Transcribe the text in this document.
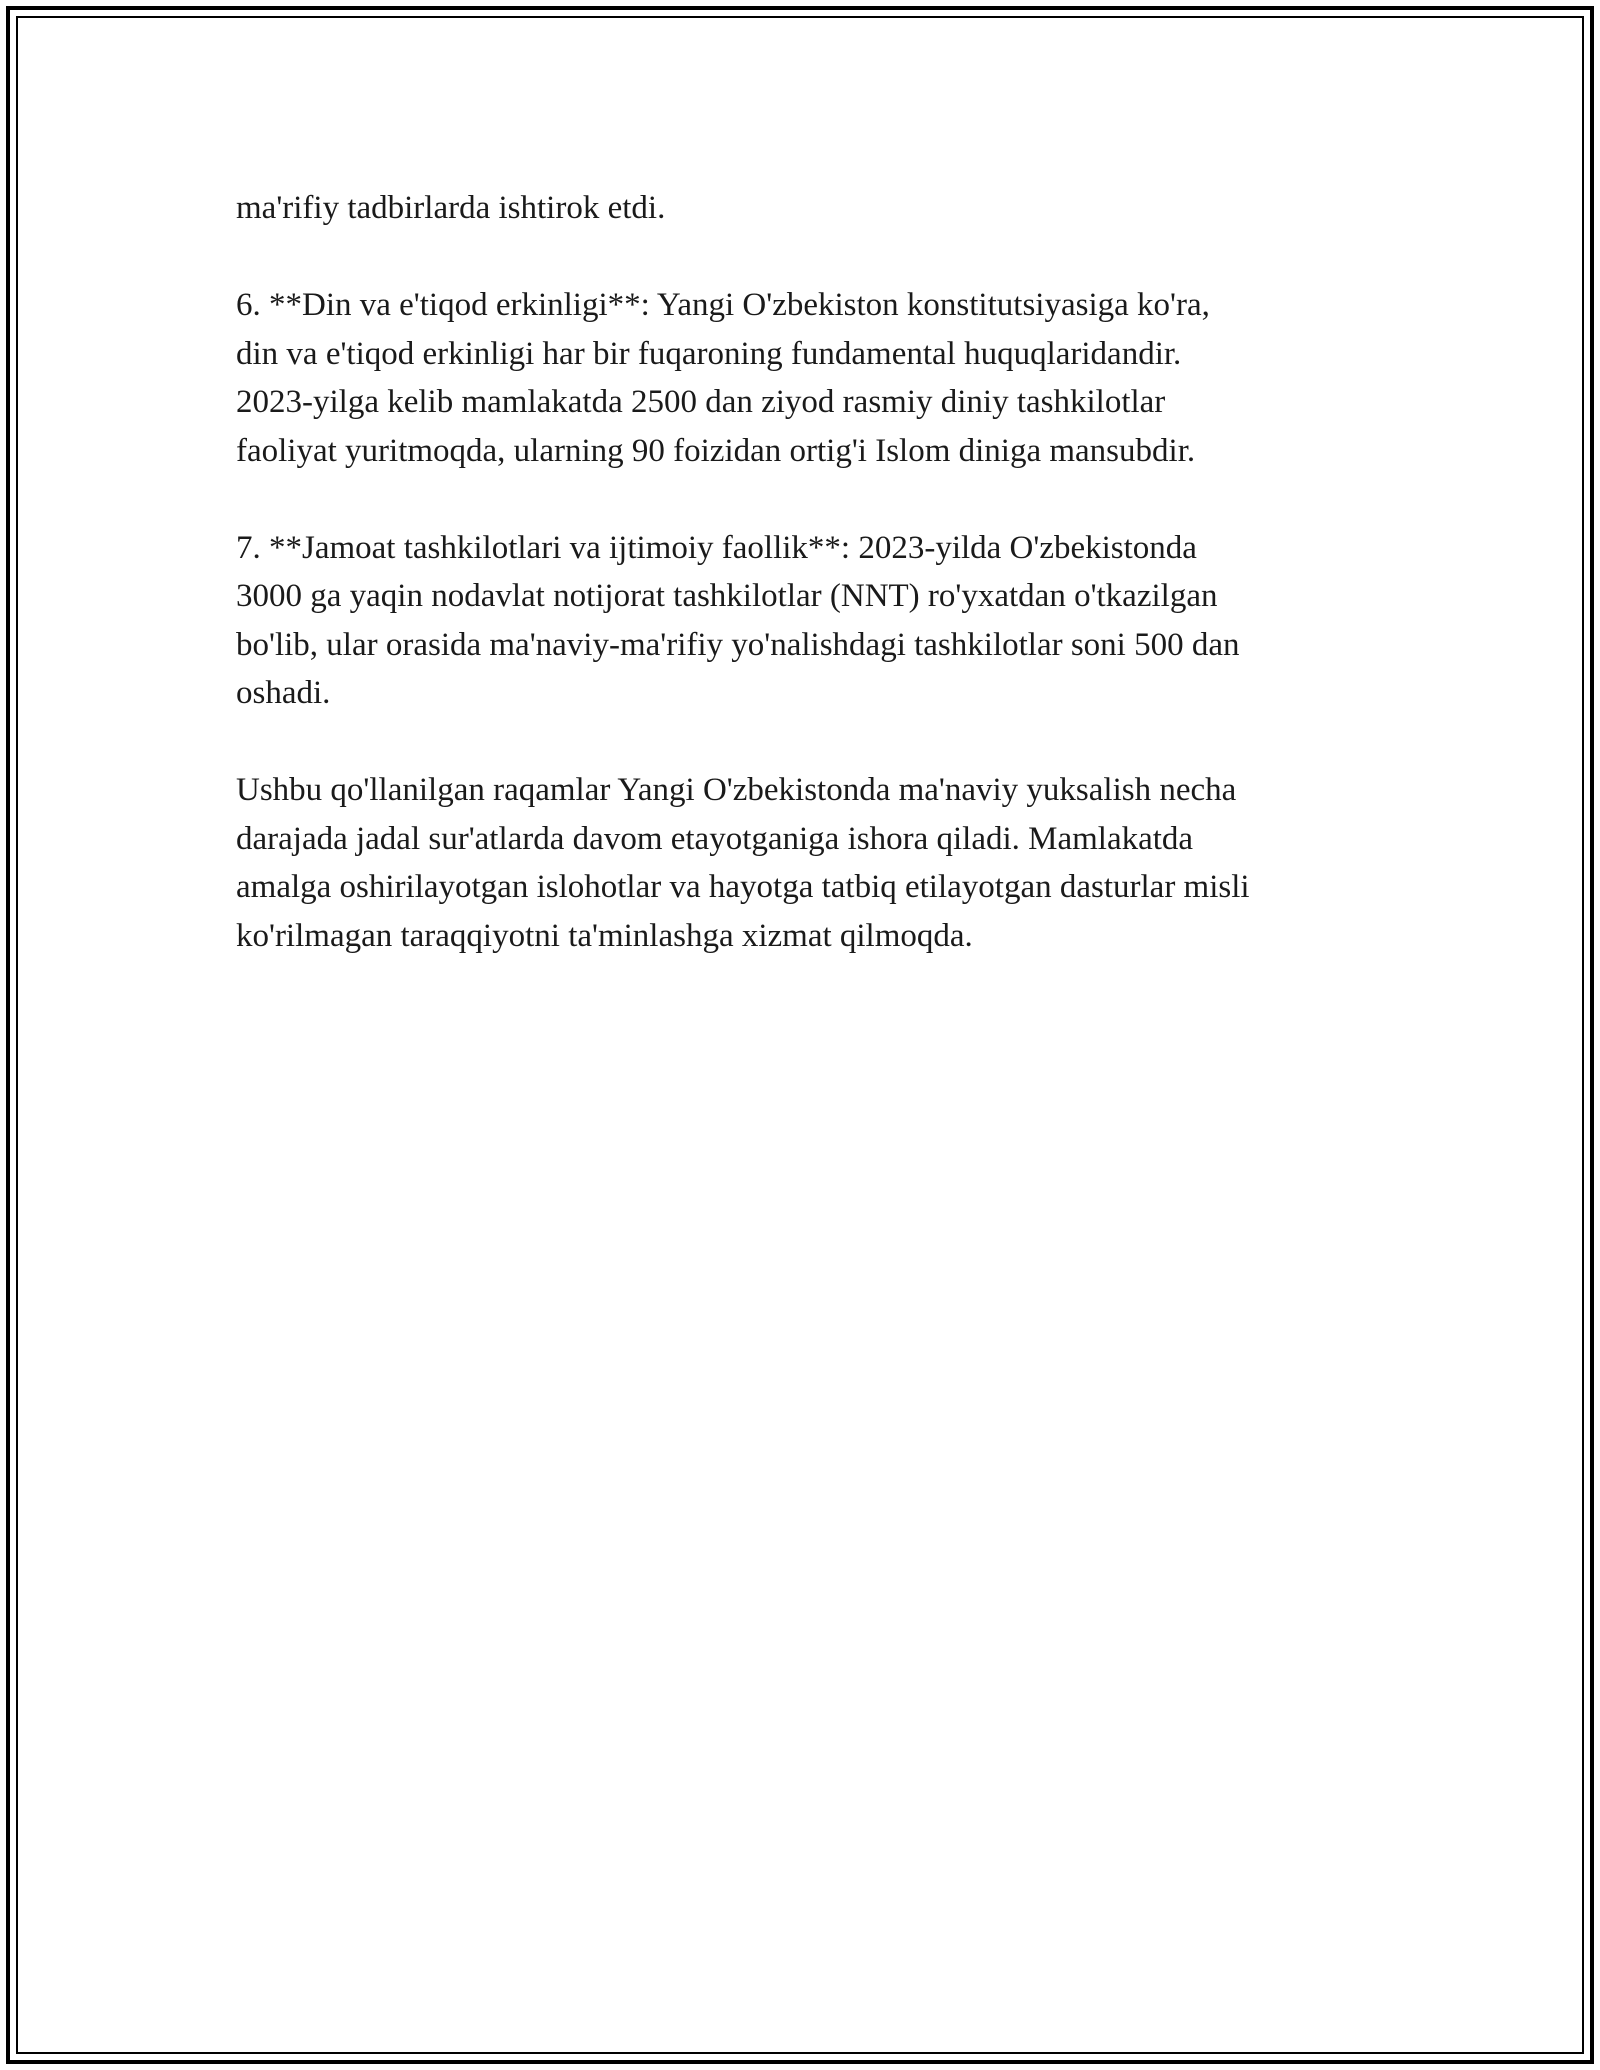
ma'rifiy tadbirlarda ishtirok etdi.

6. **Din va e'tiqod erkinligi**: Yangi O'zbekiston konstitutsiyasiga ko'ra,
din va e'tiqod erkinligi har bir fuqaroning fundamental huquqlaridandir.
2023-yilga kelib mamlakatda 2500 dan ziyod rasmiy diniy tashkilotlar
faoliyat yuritmoqda, ularning 90 foizidan ortig'i Islom diniga mansubdir.

7. **Jamoat tashkilotlari va ijtimoiy faollik**: 2023-yilda O'zbekistonda
3000 ga yaqin nodavlat notijorat tashkilotlar (NNT) ro'yxatdan o'tkazilgan
bo'lib, ular orasida ma'naviy-ma'rifiy yo'nalishdagi tashkilotlar soni 500 dan
oshadi.

Ushbu qo'llanilgan raqamlar Yangi O'zbekistonda ma'naviy yuksalish necha
darajada jadal sur'atlarda davom etayotganiga ishora qiladi. Mamlakatda
amalga oshirilayotgan islohotlar va hayotga tatbiq etilayotgan dasturlar misli
ko'rilmagan taraqqiyotni ta'minlashga xizmat qilmoqda.
